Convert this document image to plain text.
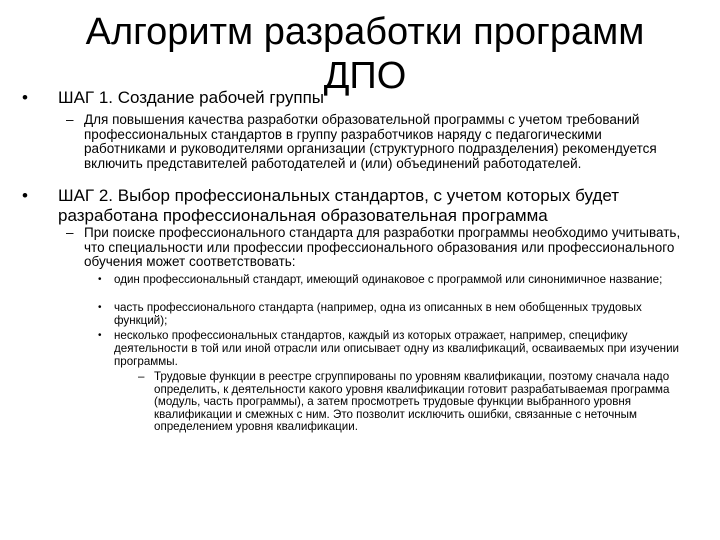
Алгоритм разработки программ ДПО
•	ШАГ 1. Создание рабочей группы
– Для повышения качества разработки образовательной программы с учетом требований профессиональных стандартов в группу разработчиков наряду с педагогическими работниками и руководителями организации (структурного подразделения) рекомендуется включить представителей работодателей и (или) объединений работодателей.
•	ШАГ 2. Выбор профессиональных стандартов, с учетом которых будет разработана профессиональная образовательная программа
– При поиске профессионального стандарта для разработки программы необходимо учитывать, что специальности или профессии профессионального образования или профессионального обучения может соответствовать:
•	один профессиональный стандарт, имеющий одинаковое с программой или синонимичное название;
•	часть профессионального стандарта (например, одна из описанных в нем обобщенных трудовых функций);
•	несколько профессиональных стандартов, каждый из которых отражает, например, специфику деятельности в той или иной отрасли или описывает одну из квалификаций, осваиваемых при изучении программы.
– Трудовые функции в реестре сгруппированы по уровням квалификации, поэтому сначала надо определить, к деятельности какого уровня квалификации готовит разрабатываемая программа (модуль, часть программы), а затем просмотреть трудовые функции выбранного уровня квалификации и смежных с ним. Это позволит исключить ошибки, связанные с неточным определением уровня квалификации.
